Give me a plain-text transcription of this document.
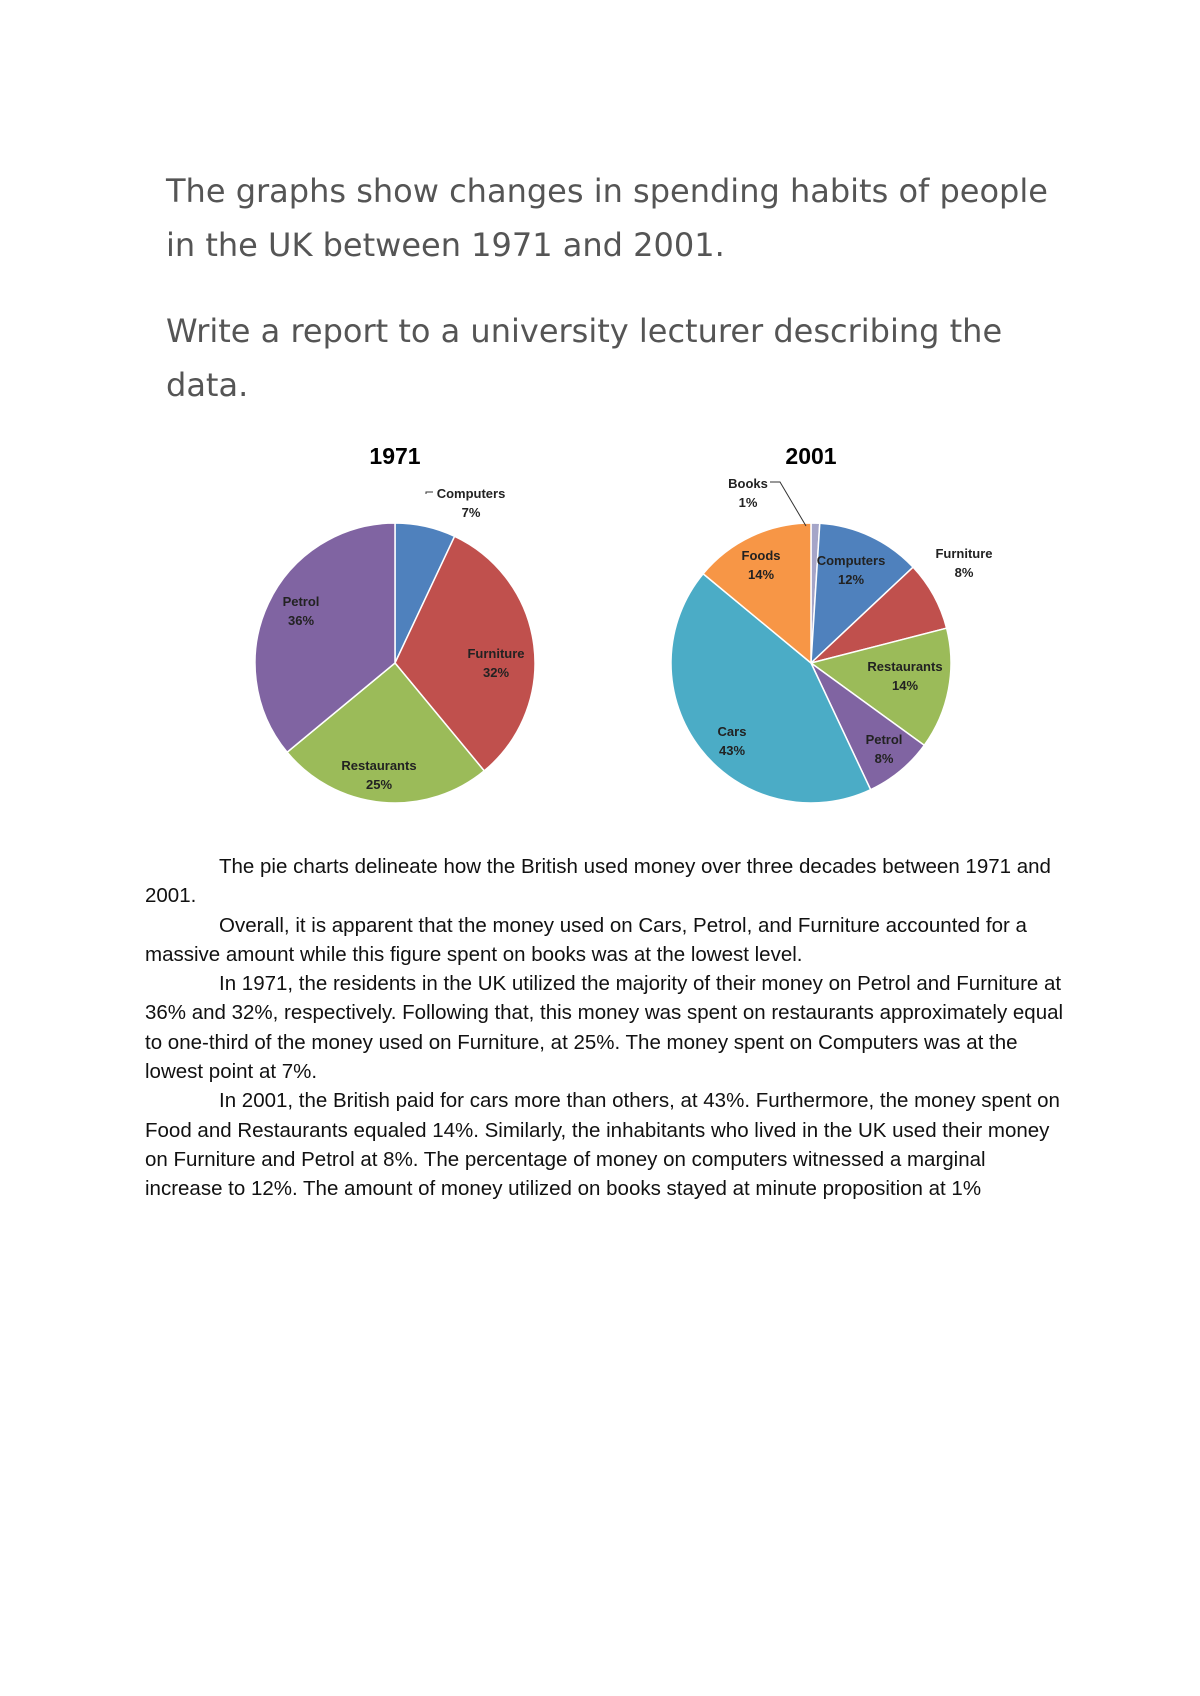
The graphs show changes in spending habits of people in the UK between 1971 and 2001.

Write a report to a university lecturer describing the data.

1971
Computers
7%
Furniture
32%
Restaurants
25%
Petrol
36%
2001
Books
1%
Computers
12%
Furniture
8%
Restaurants
14%
Petrol
8%
Cars
43%
Foods
14%

The pie charts delineate how the British used money over three decades between 1971 and 2001.

Overall, it is apparent that the money used on Cars, Petrol, and Furniture accounted for a massive amount while this figure spent on books was at the lowest level.

In 1971, the residents in the UK utilized the majority of their money on Petrol and Furniture at 36% and 32%, respectively. Following that, this money was spent on restaurants approximately equal to one-third of the money used on Furniture, at 25%. The money spent on Computers was at the lowest point at 7%.

In 2001, the British paid for cars more than others, at 43%. Furthermore, the money spent on Food and Restaurants equaled 14%. Similarly, the inhabitants who lived in the UK used their money on Furniture and Petrol at 8%. The percentage of money on computers witnessed a marginal increase to 12%. The amount of money utilized on books stayed at minute proposition at 1%
